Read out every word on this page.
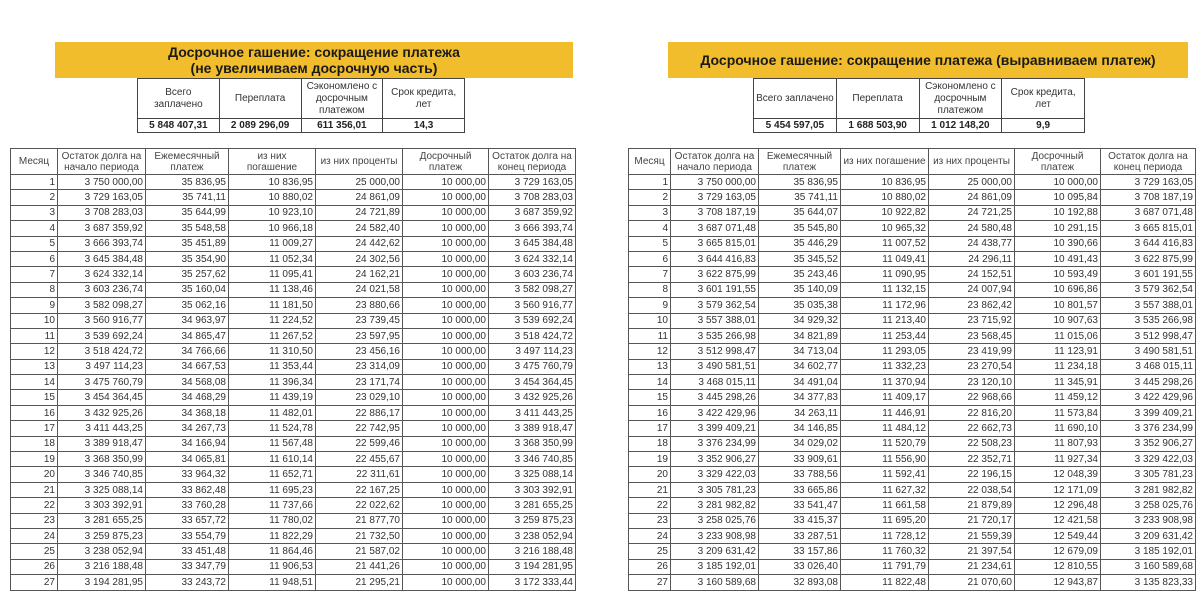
Досрочное гашение: сокращение платежа
(не увеличиваем досрочную часть)	Досрочное гашение: сокращение платежа (выравниваем платеж)
Всего заплачено	Переплата	Сэкономлено с досрочным платежом	Срок кредита, лет
5 848 407,31	2 089 296,09	611 356,01	14,3
Всего заплачено	Переплата	Сэкономлено с досрочным платежом	Срок кредита, лет
5 454 597,05	1 688 503,90	1 012 148,20	9,9
Месяц	Остаток долга на начало периода	Ежемесячный платеж	из них погашение	из них проценты	Досрочный платеж	Остаток долга на конец периода
1	3 750 000,00	35 836,95	10 836,95	25 000,00	10 000,00	3 729 163,05
2	3 729 163,05	35 741,11	10 880,02	24 861,09	10 000,00	3 708 283,03
3	3 708 283,03	35 644,99	10 923,10	24 721,89	10 000,00	3 687 359,92
4	3 687 359,92	35 548,58	10 966,18	24 582,40	10 000,00	3 666 393,74
5	3 666 393,74	35 451,89	11 009,27	24 442,62	10 000,00	3 645 384,48
6	3 645 384,48	35 354,90	11 052,34	24 302,56	10 000,00	3 624 332,14
7	3 624 332,14	35 257,62	11 095,41	24 162,21	10 000,00	3 603 236,74
8	3 603 236,74	35 160,04	11 138,46	24 021,58	10 000,00	3 582 098,27
9	3 582 098,27	35 062,16	11 181,50	23 880,66	10 000,00	3 560 916,77
10	3 560 916,77	34 963,97	11 224,52	23 739,45	10 000,00	3 539 692,24
11	3 539 692,24	34 865,47	11 267,52	23 597,95	10 000,00	3 518 424,72
12	3 518 424,72	34 766,66	11 310,50	23 456,16	10 000,00	3 497 114,23
13	3 497 114,23	34 667,53	11 353,44	23 314,09	10 000,00	3 475 760,79
14	3 475 760,79	34 568,08	11 396,34	23 171,74	10 000,00	3 454 364,45
15	3 454 364,45	34 468,29	11 439,19	23 029,10	10 000,00	3 432 925,26
16	3 432 925,26	34 368,18	11 482,01	22 886,17	10 000,00	3 411 443,25
17	3 411 443,25	34 267,73	11 524,78	22 742,95	10 000,00	3 389 918,47
18	3 389 918,47	34 166,94	11 567,48	22 599,46	10 000,00	3 368 350,99
19	3 368 350,99	34 065,81	11 610,14	22 455,67	10 000,00	3 346 740,85
20	3 346 740,85	33 964,32	11 652,71	22 311,61	10 000,00	3 325 088,14
21	3 325 088,14	33 862,48	11 695,23	22 167,25	10 000,00	3 303 392,91
22	3 303 392,91	33 760,28	11 737,66	22 022,62	10 000,00	3 281 655,25
23	3 281 655,25	33 657,72	11 780,02	21 877,70	10 000,00	3 259 875,23
24	3 259 875,23	33 554,79	11 822,29	21 732,50	10 000,00	3 238 052,94
25	3 238 052,94	33 451,48	11 864,46	21 587,02	10 000,00	3 216 188,48
26	3 216 188,48	33 347,79	11 906,53	21 441,26	10 000,00	3 194 281,95
27	3 194 281,95	33 243,72	11 948,51	21 295,21	10 000,00	3 172 333,44
Месяц	Остаток долга на начало периода	Ежемесячный платеж	из них погашение	из них проценты	Досрочный платеж	Остаток долга на конец периода
1	3 750 000,00	35 836,95	10 836,95	25 000,00	10 000,00	3 729 163,05
2	3 729 163,05	35 741,11	10 880,02	24 861,09	10 095,84	3 708 187,19
3	3 708 187,19	35 644,07	10 922,82	24 721,25	10 192,88	3 687 071,48
4	3 687 071,48	35 545,80	10 965,32	24 580,48	10 291,15	3 665 815,01
5	3 665 815,01	35 446,29	11 007,52	24 438,77	10 390,66	3 644 416,83
6	3 644 416,83	35 345,52	11 049,41	24 296,11	10 491,43	3 622 875,99
7	3 622 875,99	35 243,46	11 090,95	24 152,51	10 593,49	3 601 191,55
8	3 601 191,55	35 140,09	11 132,15	24 007,94	10 696,86	3 579 362,54
9	3 579 362,54	35 035,38	11 172,96	23 862,42	10 801,57	3 557 388,01
10	3 557 388,01	34 929,32	11 213,40	23 715,92	10 907,63	3 535 266,98
11	3 535 266,98	34 821,89	11 253,44	23 568,45	11 015,06	3 512 998,47
12	3 512 998,47	34 713,04	11 293,05	23 419,99	11 123,91	3 490 581,51
13	3 490 581,51	34 602,77	11 332,23	23 270,54	11 234,18	3 468 015,11
14	3 468 015,11	34 491,04	11 370,94	23 120,10	11 345,91	3 445 298,26
15	3 445 298,26	34 377,83	11 409,17	22 968,66	11 459,12	3 422 429,96
16	3 422 429,96	34 263,11	11 446,91	22 816,20	11 573,84	3 399 409,21
17	3 399 409,21	34 146,85	11 484,12	22 662,73	11 690,10	3 376 234,99
18	3 376 234,99	34 029,02	11 520,79	22 508,23	11 807,93	3 352 906,27
19	3 352 906,27	33 909,61	11 556,90	22 352,71	11 927,34	3 329 422,03
20	3 329 422,03	33 788,56	11 592,41	22 196,15	12 048,39	3 305 781,23
21	3 305 781,23	33 665,86	11 627,32	22 038,54	12 171,09	3 281 982,82
22	3 281 982,82	33 541,47	11 661,58	21 879,89	12 296,48	3 258 025,76
23	3 258 025,76	33 415,37	11 695,20	21 720,17	12 421,58	3 233 908,98
24	3 233 908,98	33 287,51	11 728,12	21 559,39	12 549,44	3 209 631,42
25	3 209 631,42	33 157,86	11 760,32	21 397,54	12 679,09	3 185 192,01
26	3 185 192,01	33 026,40	11 791,79	21 234,61	12 810,55	3 160 589,68
27	3 160 589,68	32 893,08	11 822,48	21 070,60	12 943,87	3 135 823,33
